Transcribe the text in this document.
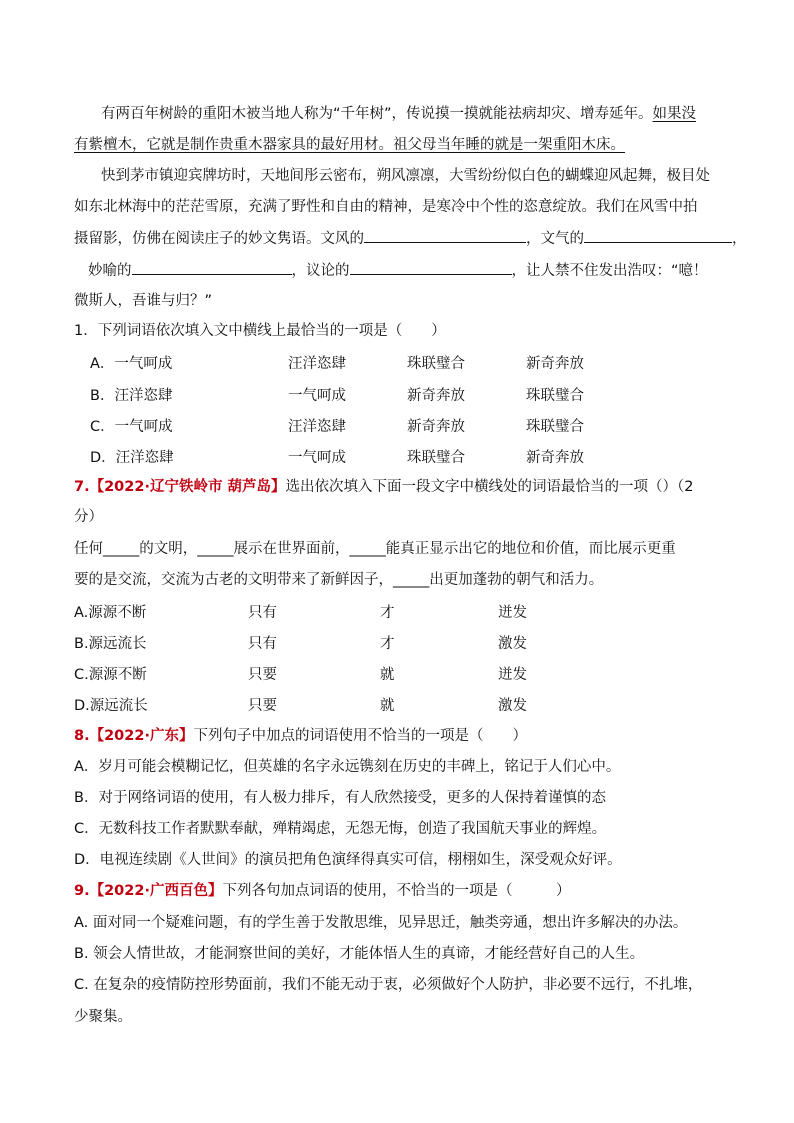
有两百年树龄的重阳木被当地人称为“千年树”，传说摸一摸就能祛病却灾、增寿延年。如果没
有紫檀木，它就是制作贵重木器家具的最好用材。祖父母当年睡的就是一架重阳木床。
快到茅市镇迎宾牌坊时，天地间彤云密布，朔风凛凛，大雪纷纷似白色的蝴蝶迎风起舞，极目处
如东北林海中的茫茫雪原，充满了野性和自由的精神，是寒冷中个性的恣意绽放。我们在风雪中拍
摄留影，仿佛在阅读庄子的妙文隽语。文风的	，文气的	，
妙喻的	，议论的	，让人禁不住发出浩叹：“噫！
微斯人，吾谁与归？”
1．下列词语依次填入文中横线上最恰当的一项是（　　）
A．一气呵成	汪洋恣肆	珠联璧合	新奇奔放
B．汪洋恣肆	一气呵成	新奇奔放	珠联璧合
C．一气呵成	汪洋恣肆	新奇奔放	珠联璧合
D．汪洋恣肆	一气呵成	珠联璧合	新奇奔放
7.【2022·辽宁铁岭市 葫芦岛】选出依次填入下面一段文字中横线处的词语最恰当的一项（）（2
分）
任何_____的文明，_____展示在世界面前，_____能真正显示出它的地位和价值，而比展示更重
要的是交流，交流为古老的文明带来了新鲜因子，_____出更加蓬勃的朝气和活力。
A.源源不断	只有	才	迸发
B.源远流长	只有	才	激发
C.源源不断	只要	就	迸发
D.源远流长	只要	就	激发
8.【2022·广东】下列句子中加点的词语使用不恰当的一项是（　　）
A．岁月可能会模糊记忆，但英雄的名字永远镌刻在历史的丰碑上，铭记于人们心中。
B．对于网络词语的使用，有人极力排斥，有人欣然接受，更多的人保持着谨慎的态
C．无数科技工作者默默奉献，殚精竭虑，无怨无悔，创造了我国航天事业的辉煌。
D．电视连续剧《人世间》的演员把角色演绎得真实可信，栩栩如生，深受观众好评。
9.【2022·广西百色】下列各句加点词语的使用，不恰当的一项是（　　　）
A. 面对同一个疑难问题，有的学生善于发散思维，见异思迁，触类旁通，想出许多解决的办法。
B. 领会人情世故，才能洞察世间的美好，才能体悟人生的真谛，才能经营好自己的人生。
C. 在复杂的疫情防控形势面前，我们不能无动于衷，必须做好个人防护，非必要不远行，不扎堆，
少聚集。
